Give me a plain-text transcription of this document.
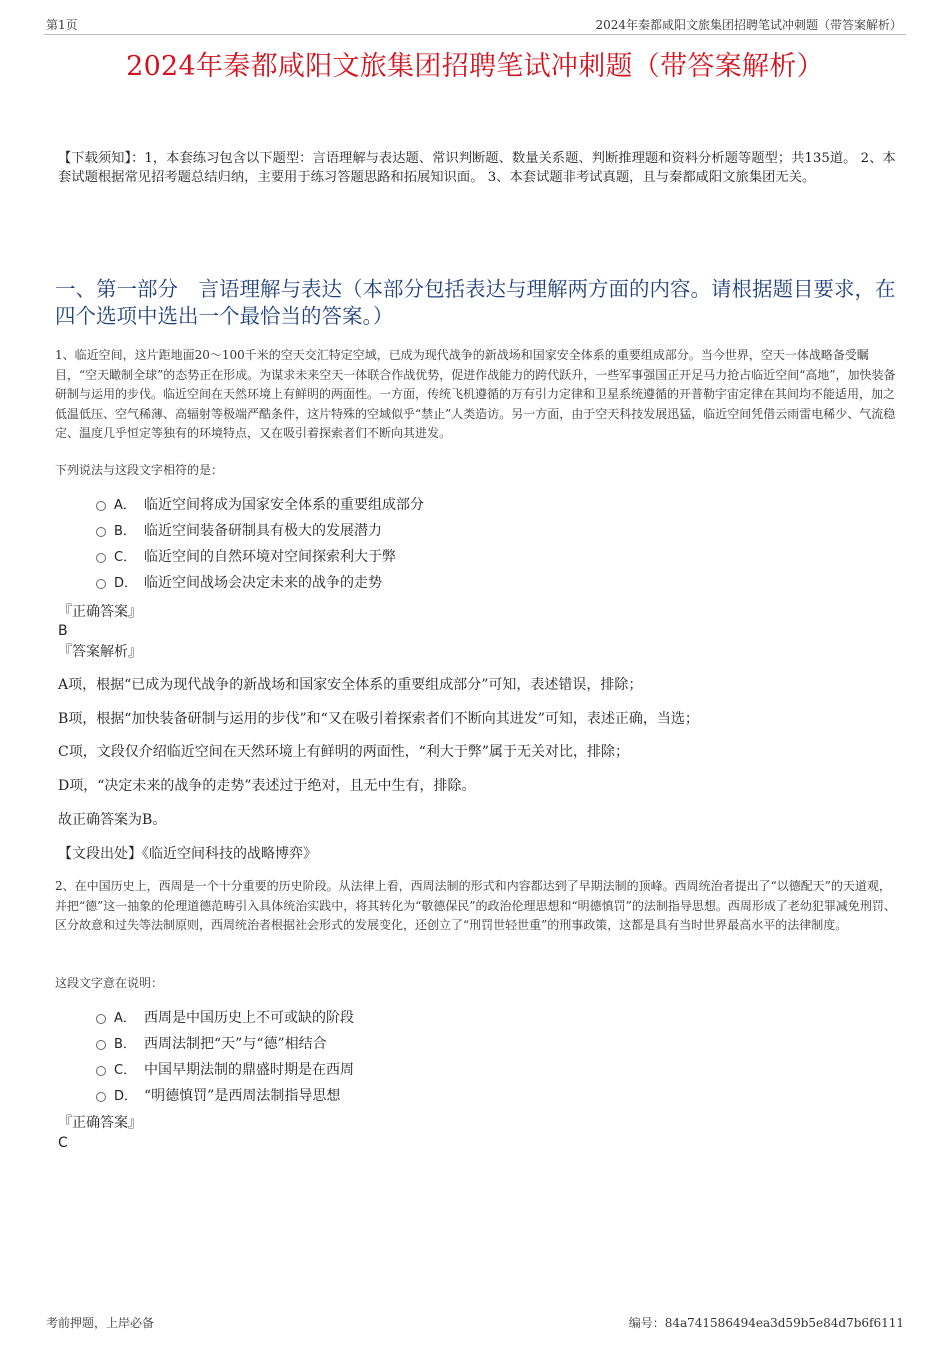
第1页	2024年秦都咸阳文旅集团招聘笔试冲刺题（带答案解析）
2024年秦都咸阳文旅集团招聘笔试冲刺题（带答案解析）
【下载须知】：1，本套练习包含以下题型：言语理解与表达题、常识判断题、数量关系题、判断推理题和资料分析题等题型；共135道。 2、本套试题根据常见招考题总结归纳，主要用于练习答题思路和拓展知识面。 3、本套试题非考试真题，且与秦都咸阳文旅集团无关。
一、第一部分　言语理解与表达（本部分包括表达与理解两方面的内容。请根据题目要求，在四个选项中选出一个最恰当的答案。）
1、临近空间，这片距地面20～100千米的空天交汇特定空域，已成为现代战争的新战场和国家安全体系的重要组成部分。当今世界，空天一体战略备受瞩目，“空天瞰制全球”的态势正在形成。为谋求未来空天一体联合作战优势，促进作战能力的跨代跃升，一些军事强国正开足马力抢占临近空间“高地”，加快装备研制与运用的步伐。临近空间在天然环境上有鲜明的两面性。一方面，传统飞机遵循的万有引力定律和卫星系统遵循的开普勒宇宙定律在其间均不能适用，加之低温低压、空气稀薄、高辐射等极端严酷条件，这片特殊的空域似乎“禁止”人类造访。另一方面，由于空天科技发展迅猛，临近空间凭借云雨雷电稀少、气流稳定、温度几乎恒定等独有的环境特点，又在吸引着探索者们不断向其进发。
下列说法与这段文字相符的是：
A． 临近空间将成为国家安全体系的重要组成部分
B． 临近空间装备研制具有极大的发展潜力
C． 临近空间的自然环境对空间探索利大于弊
D． 临近空间战场会决定未来的战争的走势
『正确答案』
B
『答案解析』
A项，根据“已成为现代战争的新战场和国家安全体系的重要组成部分”可知，表述错误，排除；
B项，根据“加快装备研制与运用的步伐”和“又在吸引着探索者们不断向其进发”可知，表述正确，当选；
C项，文段仅介绍临近空间在天然环境上有鲜明的两面性，“利大于弊”属于无关对比，排除；
D项，“决定未来的战争的走势”表述过于绝对，且无中生有，排除。
故正确答案为B。
【文段出处】《临近空间科技的战略博弈》
2、在中国历史上，西周是一个十分重要的历史阶段。从法律上看，西周法制的形式和内容都达到了早期法制的顶峰。西周统治者提出了“以德配天”的天道观，并把“德”这一抽象的伦理道德范畴引入具体统治实践中，将其转化为“敬德保民”的政治伦理思想和“明德慎罚”的法制指导思想。西周形成了老幼犯罪减免刑罚、区分故意和过失等法制原则，西周统治者根据社会形式的发展变化，还创立了“刑罚世轻世重”的刑事政策，这都是具有当时世界最高水平的法律制度。
这段文字意在说明：
A． 西周是中国历史上不可或缺的阶段
B． 西周法制把“天”与“德”相结合
C． 中国早期法制的鼎盛时期是在西周
D． “明德慎罚”是西周法制指导思想
『正确答案』
C
考前押题，上岸必备	编号：84a741586494ea3d59b5e84d7b6f6111
